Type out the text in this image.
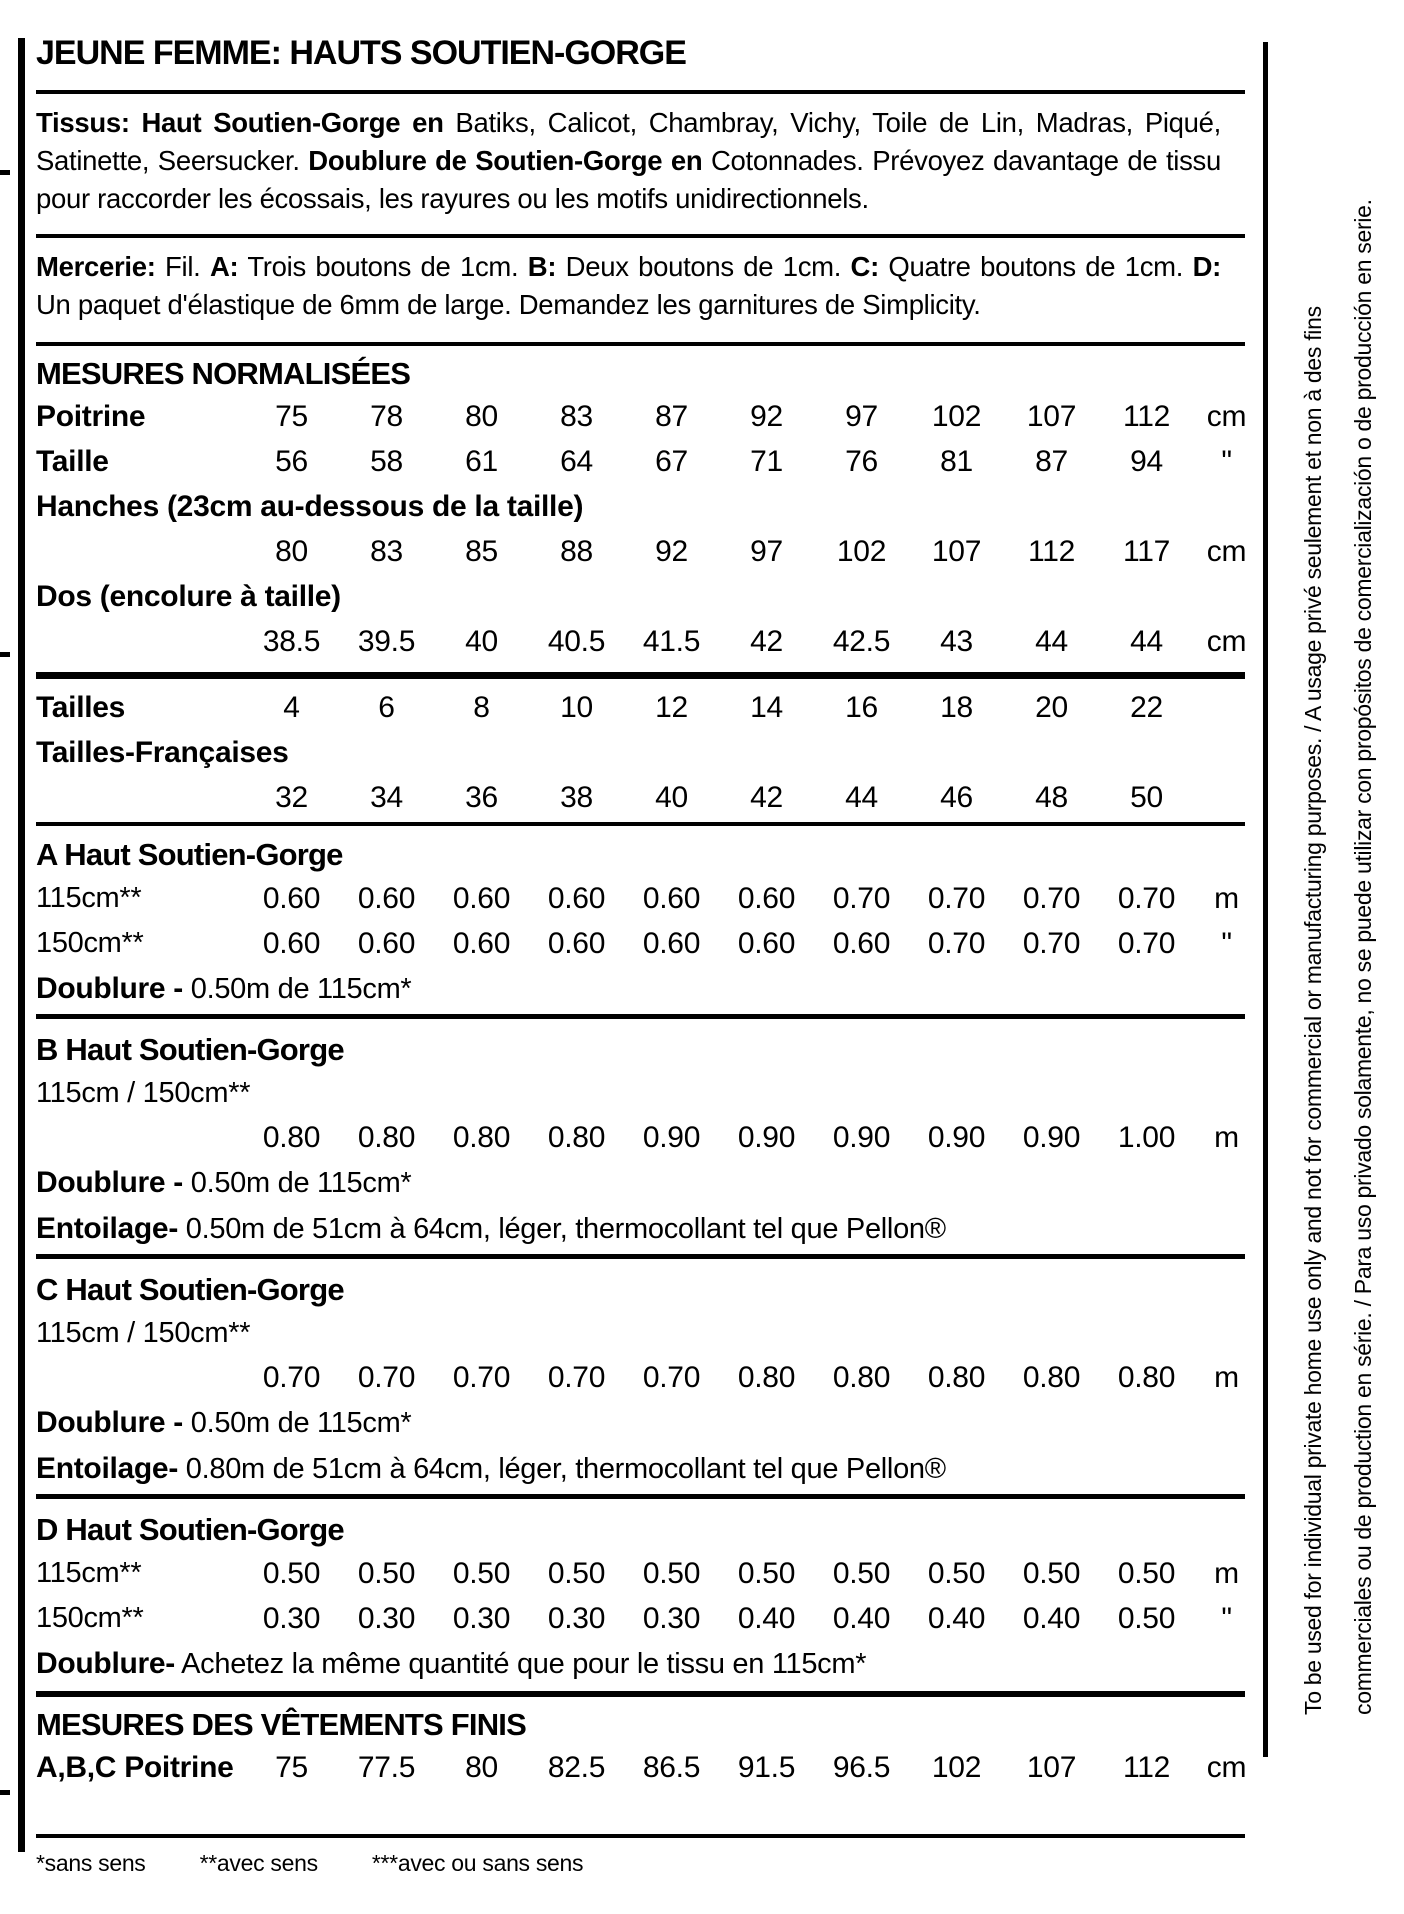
JEUNE FEMME: HAUTS SOUTIEN-GORGE
Tissus: Haut Soutien-Gorge en Batiks, Calicot, Chambray, Vichy, Toile de Lin, Madras, Piqué, Satinette, Seersucker. Doublure de Soutien-Gorge en Cotonnades. Prévoyez davantage de tissu pour raccorder les écossais, les rayures ou les motifs unidirectionnels.
Mercerie: Fil. A: Trois boutons de 1cm. B: Deux boutons de 1cm. C: Quatre boutons de 1cm. D: Un paquet d'élastique de 6mm de large. Demandez les garnitures de Simplicity.
MESURES NORMALISÉES
Poitrine	75	78	80	83	87	92	97	102	107	112	cm
Taille	56	58	61	64	67	71	76	81	87	94	"
Hanches (23cm au-dessous de la taille)
80	83	85	88	92	97	102	107	112	117	cm
Dos (encolure à taille)
38.5	39.5	40	40.5	41.5	42	42.5	43	44	44	cm
Tailles	4	6	8	10	12	14	16	18	20	22
Tailles-Françaises
32	34	36	38	40	42	44	46	48	50
A Haut Soutien-Gorge
115cm**	0.60	0.60	0.60	0.60	0.60	0.60	0.70	0.70	0.70	0.70	m
150cm**	0.60	0.60	0.60	0.60	0.60	0.60	0.60	0.70	0.70	0.70	"
Doublure - 0.50m de 115cm*
B Haut Soutien-Gorge
115cm / 150cm**
0.80	0.80	0.80	0.80	0.90	0.90	0.90	0.90	0.90	1.00	m
Doublure - 0.50m de 115cm*
Entoilage- 0.50m de 51cm à 64cm, léger, thermocollant tel que Pellon®
C Haut Soutien-Gorge
115cm / 150cm**
0.70	0.70	0.70	0.70	0.70	0.80	0.80	0.80	0.80	0.80	m
Doublure - 0.50m de 115cm*
Entoilage- 0.80m de 51cm à 64cm, léger, thermocollant tel que Pellon®
D Haut Soutien-Gorge
115cm**	0.50	0.50	0.50	0.50	0.50	0.50	0.50	0.50	0.50	0.50	m
150cm**	0.30	0.30	0.30	0.30	0.30	0.40	0.40	0.40	0.40	0.50	"
Doublure- Achetez la même quantité que pour le tissu en 115cm*
MESURES DES VÊTEMENTS FINIS
A,B,C Poitrine	75	77.5	80	82.5	86.5	91.5	96.5	102	107	112	cm
*sans sens **avec sens ***avec ou sans sens
To be used for individual private home use only and not for commercial or manufacturing purposes. / A usage privé seulement et non à des fins	commerciales ou de production en série. / Para uso privado solamente, no se puede utilizar con propósitos de comercialización o de producción en serie.
